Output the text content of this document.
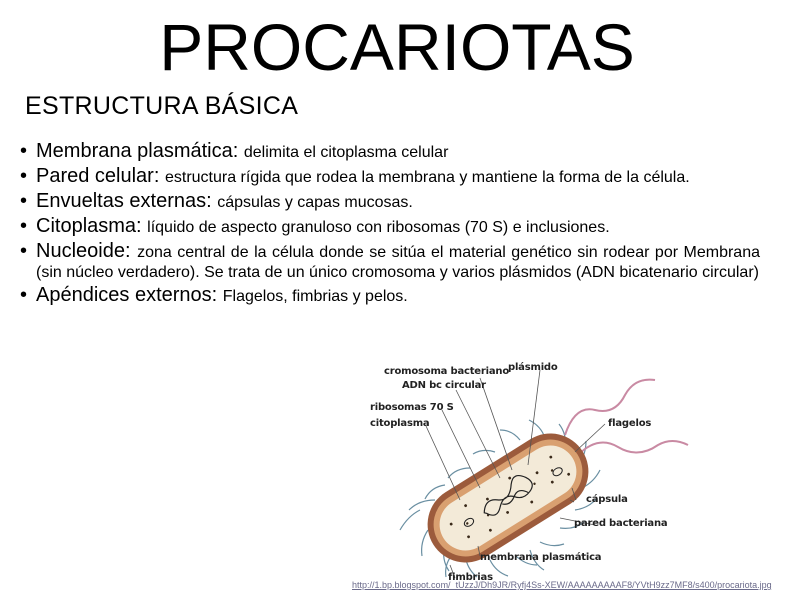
PROCARIOTAS
ESTRUCTURA BÁSICA
• Membrana plasmática: delimita el citoplasma celular
• Pared celular: estructura rígida que rodea la membrana y mantiene la forma de la célula.
• Envueltas externas: cápsulas y capas mucosas.
• Citoplasma: líquido de aspecto granuloso con ribosomas (70 S) e inclusiones.
• Nucleoide: zona central de la célula donde se sitúa el material genético sin rodear por Membrana (sin núcleo verdadero). Se trata de un único cromosoma y varios plásmidos (ADN bicatenario circular)
• Apéndices externos: Flagelos, fimbrias y pelos.
cromosoma bacteriano
ADN bc circular
plásmido
ribosomas 70 S
citoplasma	flagelos
cápsula
pared bacteriana
membrana plasmática
fimbrias
http://1.bp.blogspot.com/_tUzzJ/Dh9JR/Ryfj4Ss-XEW/AAAAAAAAAF8/YVtH9zz7MF8/s400/procariota.jpg
